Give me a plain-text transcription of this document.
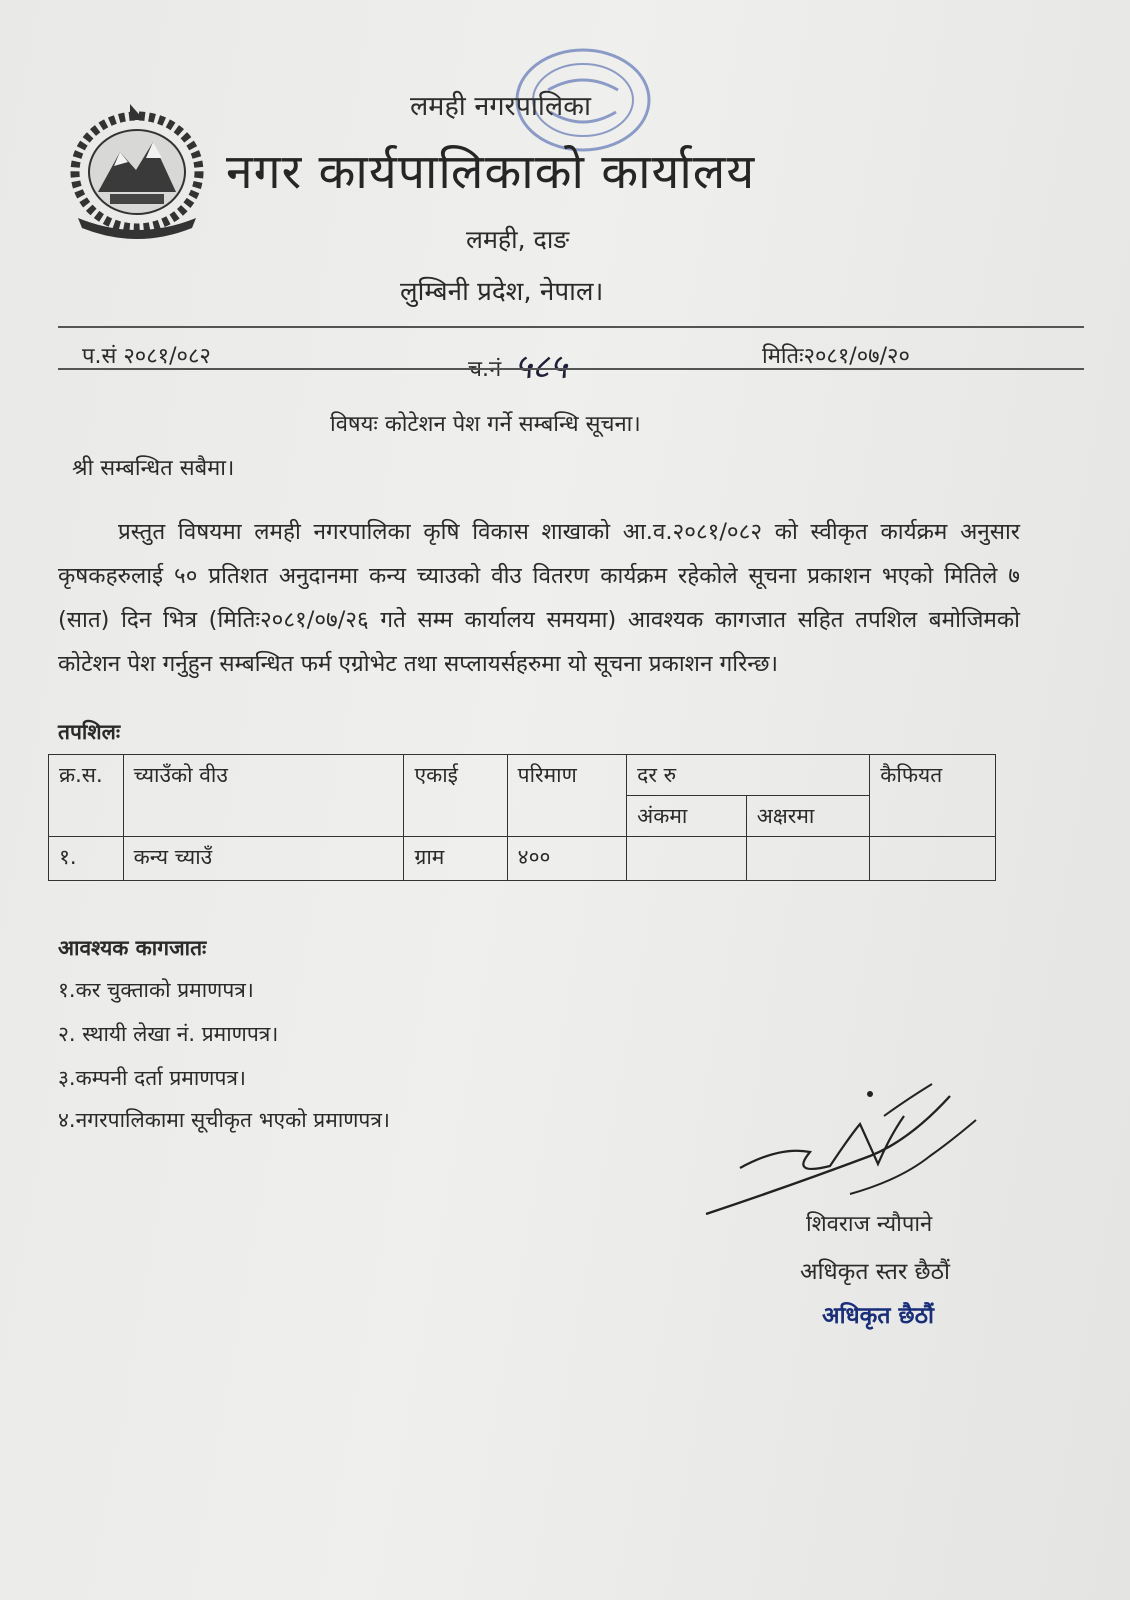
लमही नगरपालिका
नगर कार्यपालिकाको कार्यालय
लमही, दाङ
लुम्बिनी प्रदेश, नेपाल।
प.सं २०८१/०८२
च.नं ५८५	मितिः२०८१/०७/२०
विषयः कोटेशन पेश गर्ने सम्बन्धि सूचना।
श्री सम्बन्धित सबैमा।
प्रस्तुत विषयमा लमही नगरपालिका कृषि विकास शाखाको आ.व.२०८१/०८२ को स्वीकृत कार्यक्रम अनुसार कृषकहरुलाई ५० प्रतिशत अनुदानमा कन्य च्याउको वीउ वितरण कार्यक्रम रहेकोले सूचना प्रकाशन भएको मितिले ७ (सात) दिन भित्र (मितिः२०८१/०७/२६ गते सम्म कार्यालय समयमा) आवश्यक कागजात सहित तपशिल बमोजिमको कोटेशन पेश गर्नुहुन सम्बन्धित फर्म एग्रोभेट तथा सप्लायर्सहरुमा यो सूचना प्रकाशन गरिन्छ।
तपशिलः
क्र.स.	च्याउँको वीउ	एकाई	परिमाण	दर रु		कैफियत
				अंकमा	अक्षरमा	
१.	कन्य च्याउँ	ग्राम	४००			
आवश्यक कागजातः
१.कर चुक्ताको प्रमाणपत्र।
२. स्थायी लेखा नं. प्रमाणपत्र।
३.कम्पनी दर्ता प्रमाणपत्र।
४.नगरपालिकामा सूचीकृत भएको प्रमाणपत्र।
शिवराज न्यौपाने
अधिकृत स्तर छैठौं
अधिकृत छैठौं
